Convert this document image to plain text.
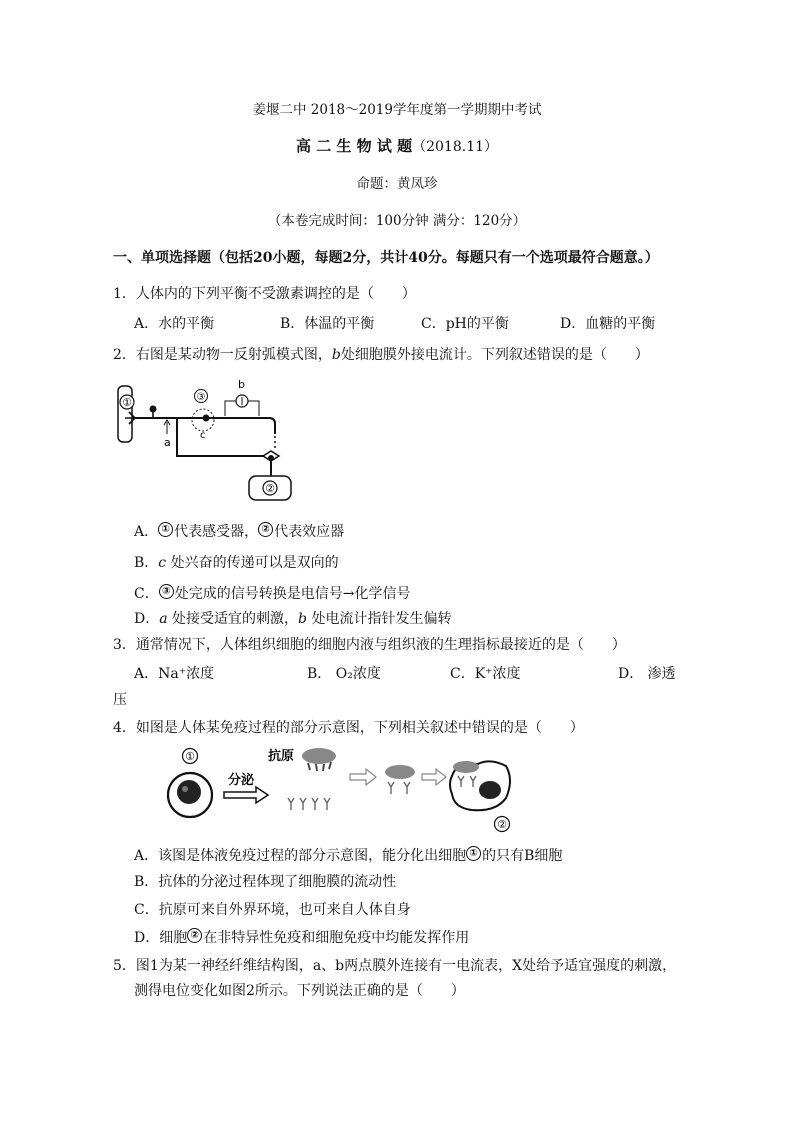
姜堰二中 2018～2019学年度第一学期期中考试
高 二 生 物 试 题（2018.11）
命题：黄凤珍
（本卷完成时间：100分钟 满分：120分）
一、单项选择题（包括20小题，每题2分，共计40分。每题只有一个选项最符合题意。）
1．人体内的下列平衡不受激素调控的是（　　）
A．水的平衡	B．体温的平衡	C．pH的平衡	D．血糖的平衡
2．右图是某动物一反射弧模式图，b处细胞膜外接电流计。下列叙述错误的是（　　）
①
a
③
c
b
②
A． ① 代表感受器， ② 代表效应器
B．c 处兴奋的传递可以是双向的
C． ③ 处完成的信号转换是电信号→化学信号
D．a 处接受适宜的刺激，b 处电流计指针发生偏转
3．通常情况下，人体组织细胞的细胞内液与组织液的生理指标最接近的是（　　）
A．Na⁺浓度	B． O₂浓度	C．K⁺浓度	D． 渗透
压
4．如图是人体某免疫过程的部分示意图，下列相关叙述中错误的是（　　）
①
分泌
抗原
②
A．该图是体液免疫过程的部分示意图，能分化出细胞 ① 的只有B细胞
B．抗体的分泌过程体现了细胞膜的流动性
C．抗原可来自外界环境，也可来自人体自身
D．细胞 ② 在非特异性免疫和细胞免疫中均能发挥作用
5．图1为某一神经纤维结构图，a、b两点膜外连接有一电流表，X处给予适宜强度的刺激，
测得电位变化如图2所示。下列说法正确的是（　　）
